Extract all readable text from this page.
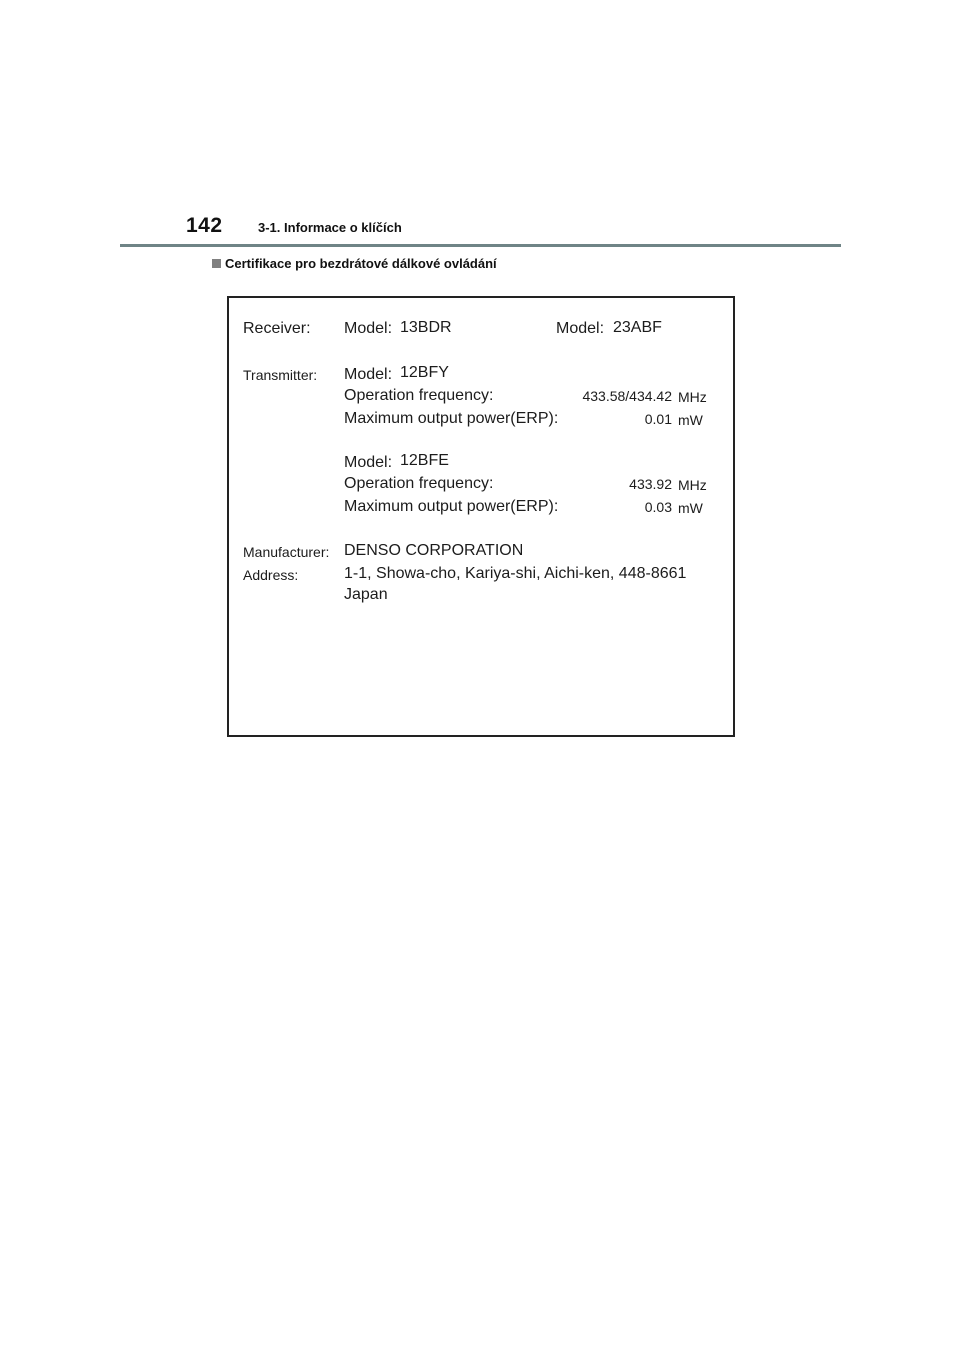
142	3-1. Informace o klíčích
Certifikace pro bezdrátové dálkové ovládání
Receiver: Model: 13BDR	Model: 23ABF
Transmitter: Model: 12BFY
Operation frequency:	433.58/434.42 MHz
Maximum output power(ERP):	0.01 mW
Model: 12BFE
Operation frequency:	433.92 MHz
Maximum output power(ERP):	0.03 mW
Manufacturer: DENSO CORPORATION
Address:	1-1, Showa-cho, Kariya-shi, Aichi-ken, 448-8661
Japan
